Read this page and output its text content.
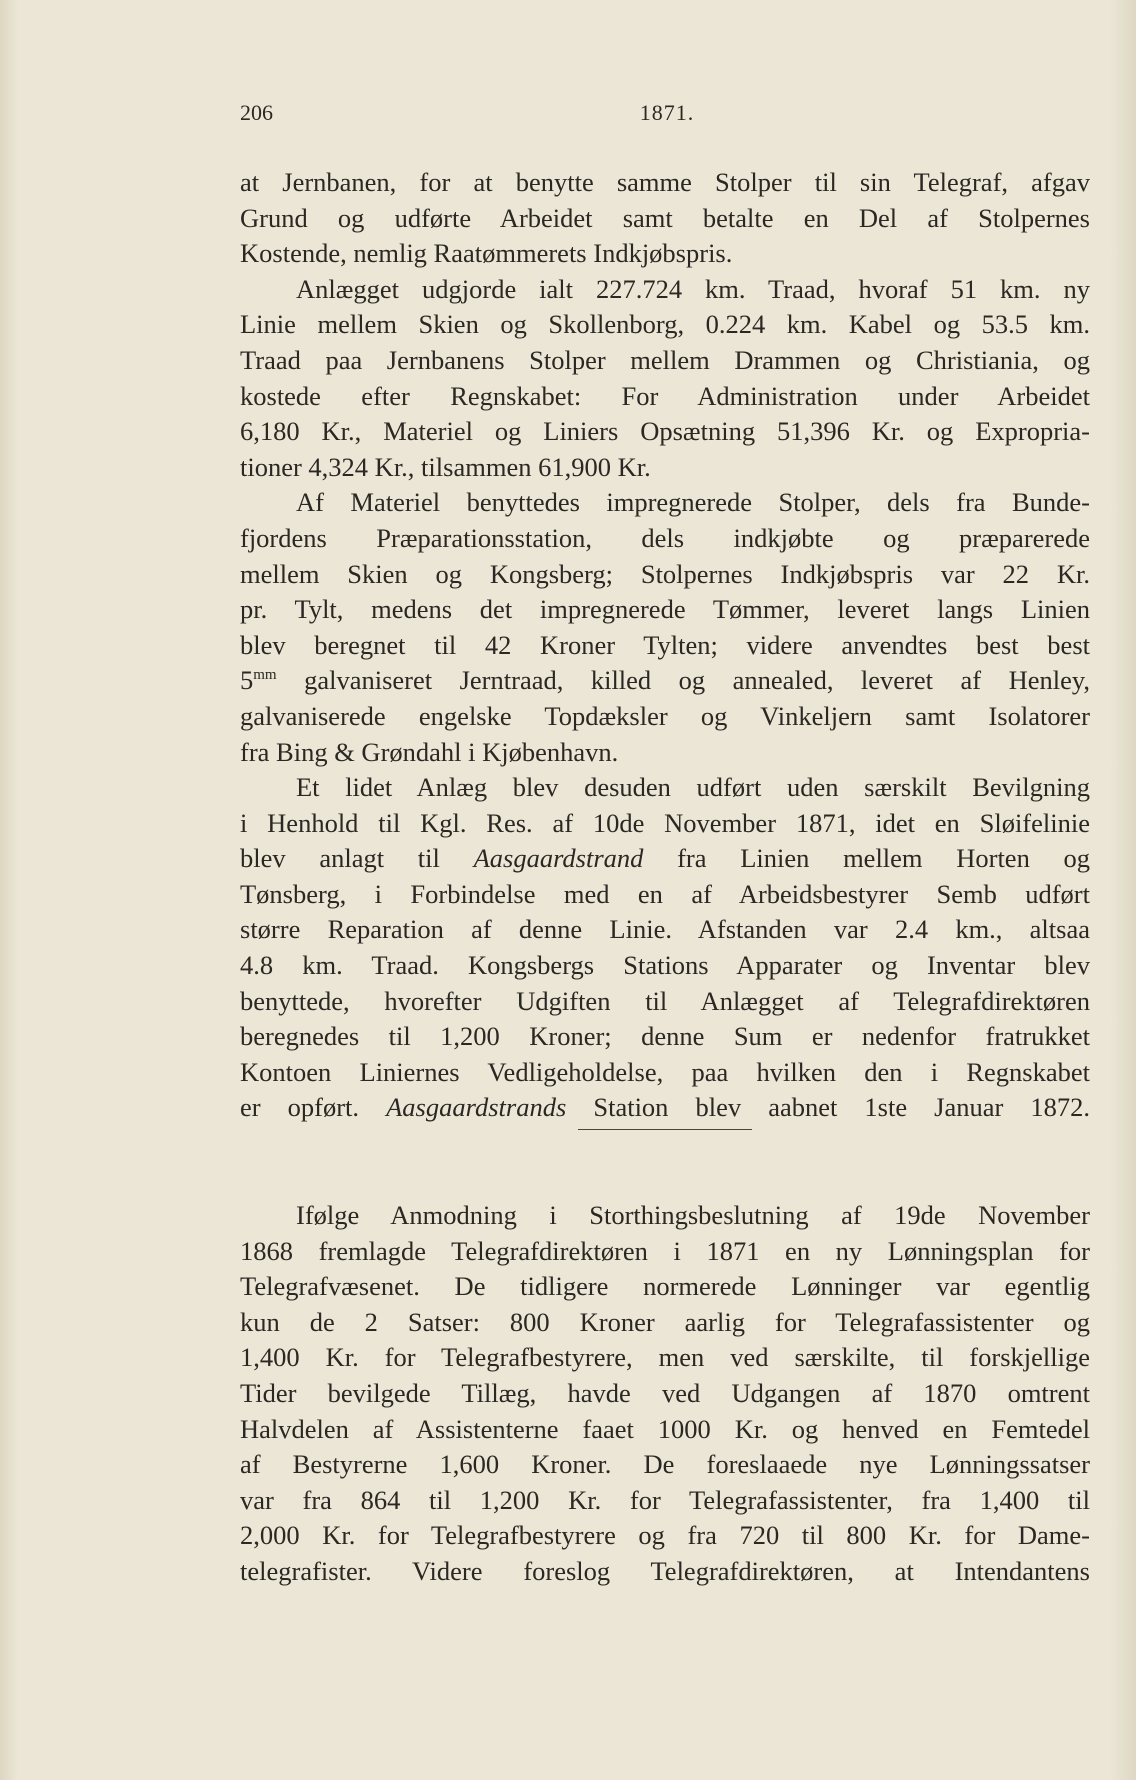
206	1871.
at Jernbanen, for at benytte samme Stolper til sin Telegraf, afgav
Grund og udførte Arbeidet samt betalte en Del af Stolpernes
Kostende, nemlig Raatømmerets Indkjøbspris.
Anlægget udgjorde ialt 227.724 km. Traad, hvoraf 51 km. ny
Linie mellem Skien og Skollenborg, 0.224 km. Kabel og 53.5 km.
Traad paa Jernbanens Stolper mellem Drammen og Christiania, og
kostede efter Regnskabet: For Administration under Arbeidet
6,180 Kr., Materiel og Liniers Opsætning 51,396 Kr. og Expropria-
tioner 4,324 Kr., tilsammen 61,900 Kr.
Af Materiel benyttedes impregnerede Stolper, dels fra Bunde-
fjordens Præparationsstation, dels indkjøbte og præparerede
mellem Skien og Kongsberg; Stolpernes Indkjøbspris var 22 Kr.
pr. Tylt, medens det impregnerede Tømmer, leveret langs Linien
blev beregnet til 42 Kroner Tylten; videre anvendtes best best
$5^{mm}$ galvaniseret Jerntraad, killed og annealed, leveret af Henley,
galvaniserede engelske Topdæksler og Vinkeljern samt Isolatorer
fra Bing & Grøndahl i Kjøbenhavn.
Et lidet Anlæg blev desuden udført uden særskilt Bevilgning
i Henhold til Kgl. Res. af 10de November 1871, idet en Sløifelinie
blev anlagt til Aasgaardstrand fra Linien mellem Horten og
Tønsberg, i Forbindelse med en af Arbeidsbestyrer Semb udført
større Reparation af denne Linie. Afstanden var 2.4 km., altsaa
4.8 km. Traad. Kongsbergs Stations Apparater og Inventar blev
benyttede, hvorefter Udgiften til Anlægget af Telegrafdirektøren
beregnedes til 1,200 Kroner; denne Sum er nedenfor fratrukket
Kontoen Liniernes Vedligeholdelse, paa hvilken den i Regnskabet
er opført. Aasgaardstrands Station blev aabnet 1ste Januar 1872.
Ifølge Anmodning i Storthingsbeslutning af 19de November
1868 fremlagde Telegrafdirektøren i 1871 en ny Lønningsplan for
Telegrafvæsenet. De tidligere normerede Lønninger var egentlig
kun de 2 Satser: 800 Kroner aarlig for Telegrafassistenter og
1,400 Kr. for Telegrafbestyrere, men ved særskilte, til forskjellige
Tider bevilgede Tillæg, havde ved Udgangen af 1870 omtrent
Halvdelen af Assistenterne faaet 1000 Kr. og henved en Femtedel
af Bestyrerne 1,600 Kroner. De foreslaaede nye Lønningssatser
var fra 864 til 1,200 Kr. for Telegrafassistenter, fra 1,400 til
2,000 Kr. for Telegrafbestyrere og fra 720 til 800 Kr. for Dame-
telegrafister. Videre foreslog Telegrafdirektøren, at Intendantens
